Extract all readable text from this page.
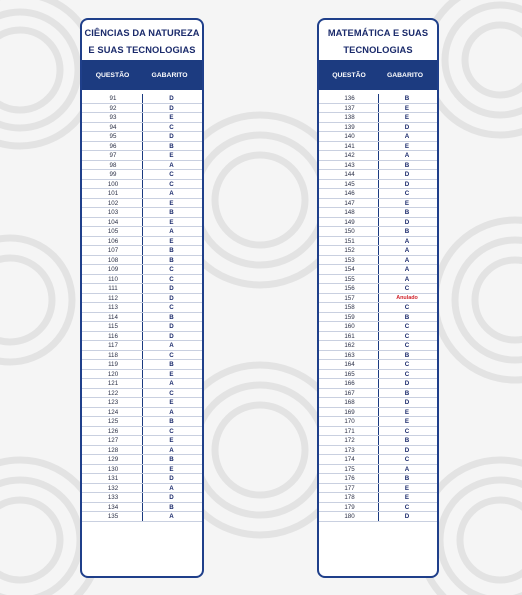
CIÊNCIAS DA NATUREZA
E SUAS TECNOLOGIAS
QUESTÃO	GABARITO
91	D
92	D
93	E
94	C
95	D
96	B
97	E
98	A
99	C
100	C
101	A
102	E
103	B
104	E
105	A
106	E
107	B
108	B
109	C
110	C
111	D
112	D
113	C
114	B
115	D
116	D
117	A
118	C
119	B
120	E
121	A
122	C
123	E
124	A
125	B
126	C
127	E
128	A
129	B
130	E
131	D
132	A
133	D
134	B
135	A
MATEMÁTICA E SUAS
TECNOLOGIAS
QUESTÃO	GABARITO
136	B
137	E
138	E
139	D
140	A
141	E
142	A
143	B
144	D
145	D
146	C
147	E
148	B
149	D
150	B
151	A
152	A
153	A
154	A
155	A
156	C
157	Anulado
158	C
159	B
160	C
161	C
162	C
163	B
164	C
165	C
166	D
167	B
168	D
169	E
170	E
171	C
172	B
173	D
174	C
175	A
176	B
177	E
178	E
179	C
180	D
